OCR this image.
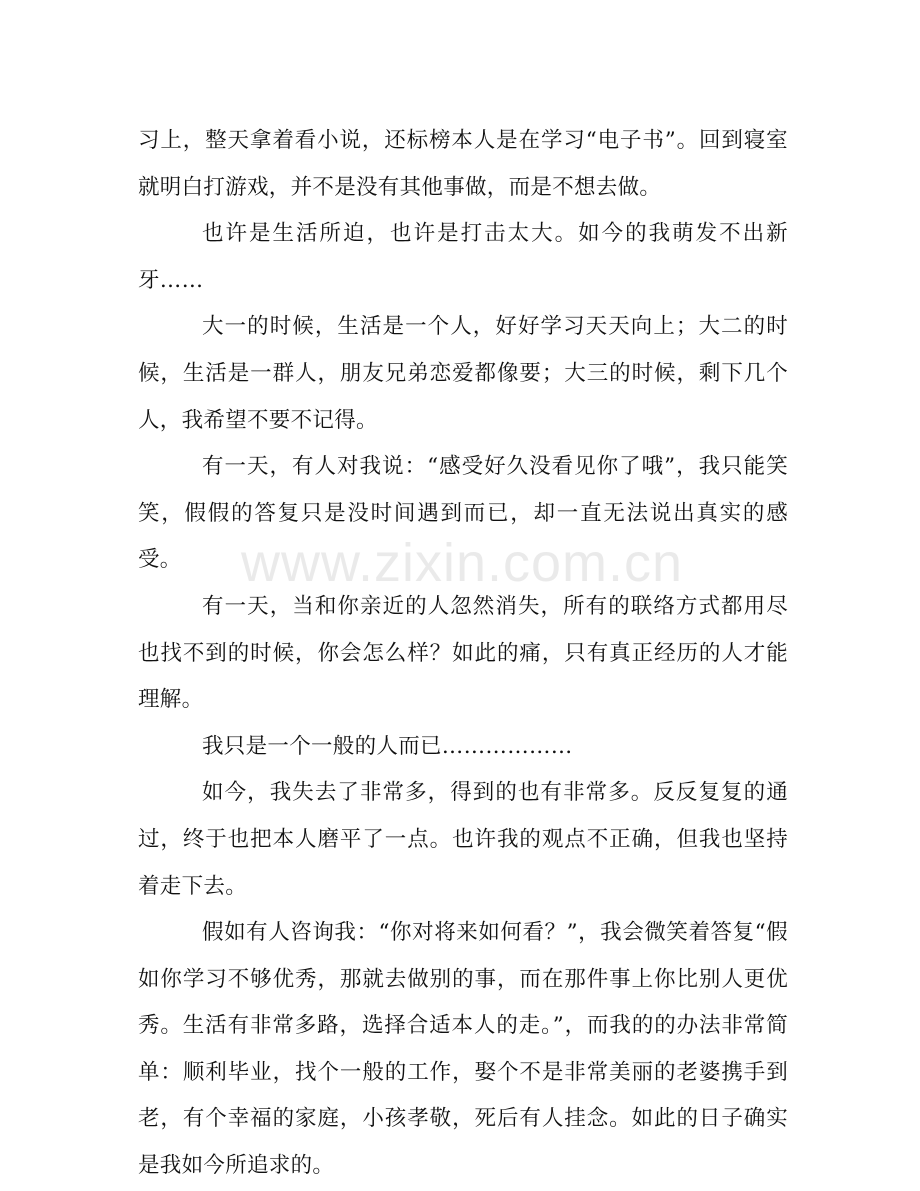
习上，整天拿着看小说，还标榜本人是在学习“电子书”。回到寝室就明白打游戏，并不是没有其他事做，而是不想去做。

也许是生活所迫，也许是打击太大。如今的我萌发不出新牙……

大一的时候，生活是一个人，好好学习天天向上；大二的时候，生活是一群人，朋友兄弟恋爱都像要；大三的时候，剩下几个人，我希望不要不记得。

有一天，有人对我说：“感受好久没看见你了哦”，我只能笑笑，假假的答复只是没时间遇到而已，却一直无法说出真实的感受。

有一天，当和你亲近的人忽然消失，所有的联络方式都用尽也找不到的时候，你会怎么样？如此的痛，只有真正经历的人才能理解。

我只是一个一般的人而已………………

如今，我失去了非常多，得到的也有非常多。反反复复的通过，终于也把本人磨平了一点。也许我的观点不正确，但我也坚持着走下去。

假如有人咨询我：“你对将来如何看？”，我会微笑着答复“假如你学习不够优秀，那就去做别的事，而在那件事上你比别人更优秀。生活有非常多路，选择合适本人的走。”，而我的的办法非常简单：顺利毕业，找个一般的工作，娶个不是非常美丽的老婆携手到老，有个幸福的家庭，小孩孝敬，死后有人挂念。如此的日子确实是我如今所追求的。

www.zixin.com.cn
